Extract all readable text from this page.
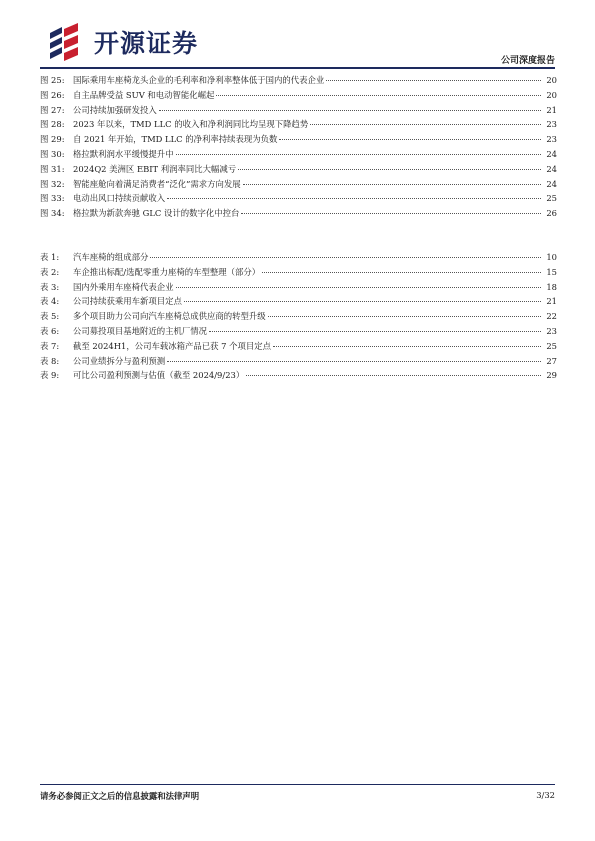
开源证券
公司深度报告
图 25:	国际乘用车座椅龙头企业的毛利率和净利率整体低于国内的代表企业	20
图 26:	自主品牌受益 SUV 和电动智能化崛起	20
图 27:	公司持续加强研发投入	21
图 28:	2023 年以来，TMD LLC 的收入和净利润同比均呈现下降趋势	23
图 29:	自 2021 年开始，TMD LLC 的净利率持续表现为负数	23
图 30:	格拉默利润水平缓慢提升中	24
图 31:	2024Q2 美洲区 EBIT 利润率同比大幅减亏	24
图 32:	智能座舱向着满足消费者“泛化”需求方向发展	24
图 33:	电动出风口持续贡献收入	25
图 34:	格拉默为新款奔驰 GLC 设计的数字化中控台	26
表 1:	汽车座椅的组成部分	10
表 2:	车企推出标配/选配零重力座椅的车型整理（部分）	15
表 3:	国内外乘用车座椅代表企业	18
表 4:	公司持续获乘用车新项目定点	21
表 5:	多个项目助力公司向汽车座椅总成供应商的转型升级	22
表 6:	公司募投项目基地附近的主机厂情况	23
表 7:	截至 2024H1，公司车载冰箱产品已获 7 个项目定点	25
表 8:	公司业绩拆分与盈利预测	27
表 9:	可比公司盈利预测与估值（截至 2024/9/23）	29
请务必参阅正文之后的信息披露和法律声明	3/32
